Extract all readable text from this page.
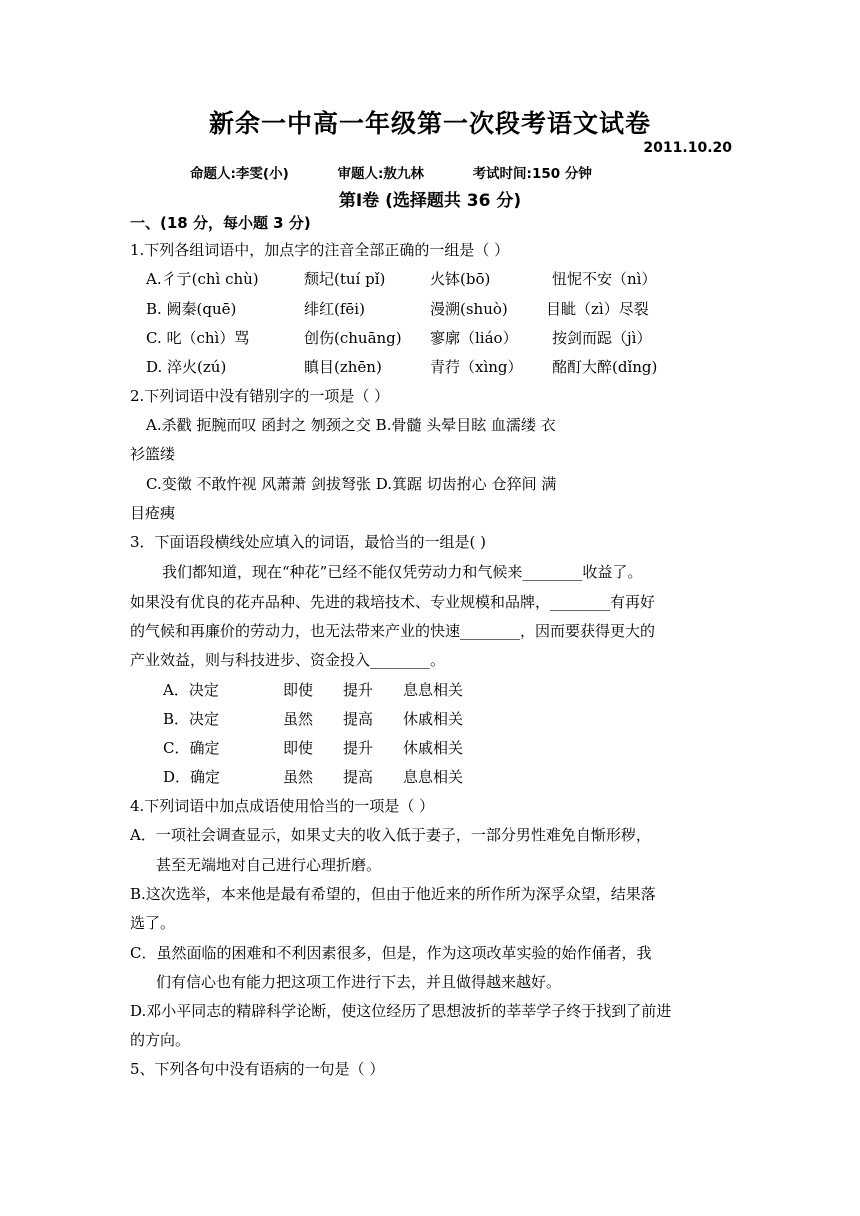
新余一中高一年级第一次段考语文试卷
2011.10.20
命题人:李雯(小)	审题人:敖九林	考试时间:150 分钟
第Ⅰ卷 (选择题共 36 分)
一、(18 分，每小题 3 分)
1.下列各组词语中，加点字的注音全部正确的一组是（ ）
A.彳亍(chì chù)	颓圮(tuí pǐ)	火钵(bō)	忸怩不安（nì）
B. 阙秦(quē)	绯红(fēi)	漫溯(shuò)	目眦（zì）尽裂
C. 叱（chì）骂	创伤(chuāng) 寥廓（liáo） 按剑而跽（jì）
D. 淬火(zú)	瞋目(zhēn)	青荇（xìng） 酩酊大醉(dǐng)
2.下列词语中没有错别字的一项是（ ）
A.杀戳 扼腕而叹 函封之 刎颈之交 B.骨髓 头晕目眩 血濡缕 衣
衫篮缕
C.变徵 不敢忤视 风萧萧 剑拔弩张 D.箕踞 切齿拊心 仓猝间 满
目疮痍
3．下面语段横线处应填入的词语，最恰当的一组是( )
我们都知道，现在“种花”已经不能仅凭劳动力和气候来________收益了。
如果没有优良的花卉品种、先进的栽培技术、专业规模和品牌，________有再好
的气候和再廉价的劳动力，也无法带来产业的快速________，因而要获得更大的
产业效益，则与科技进步、资金投入________。
A．决定	即使 提升 息息相关
B．决定	虽然 提高 休戚相关
C．确定	即使 提升 休戚相关
D．确定	虽然 提高 息息相关
4.下列词语中加点成语使用恰当的一项是（ ）
A．一项社会调查显示，如果丈夫的收入低于妻子，一部分男性难免自惭形秽，
甚至无端地对自己进行心理折磨。
B.这次选举，本来他是最有希望的，但由于他近来的所作所为深孚众望，结果落
选了。
C．虽然面临的困难和不利因素很多，但是，作为这项改革实验的始作俑者，我
们有信心也有能力把这项工作进行下去，并且做得越来越好。
D.邓小平同志的精辟科学论断，使这位经历了思想波折的莘莘学子终于找到了前进
的方向。
5、下列各句中没有语病的一句是（ ）
